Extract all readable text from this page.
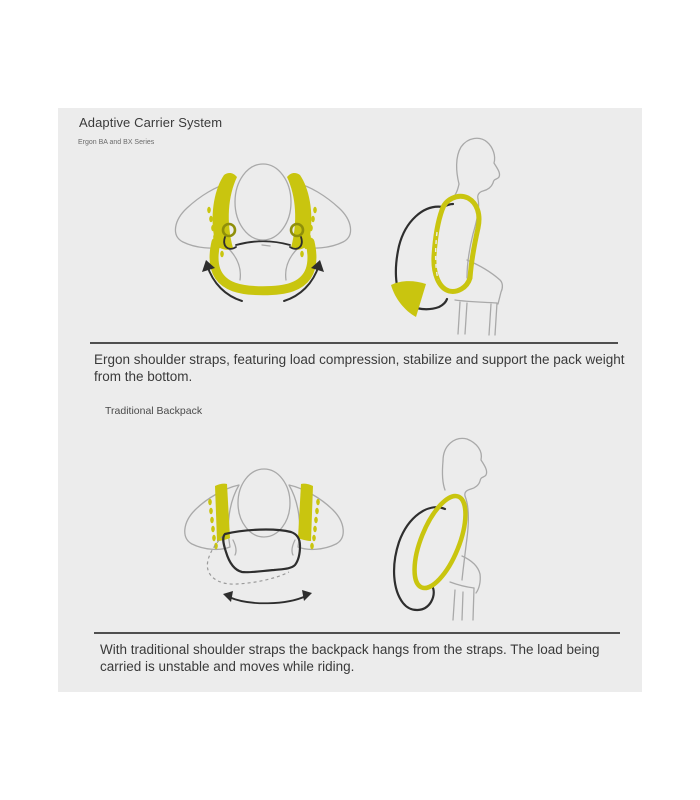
Adaptive Carrier System
Ergon BA and BX Series
Ergon shoulder straps, featuring load compression, stabilize and support the pack weight from the bottom.
Traditional Backpack
With traditional shoulder straps the backpack hangs from the straps. The load being carried is unstable and moves while riding.
